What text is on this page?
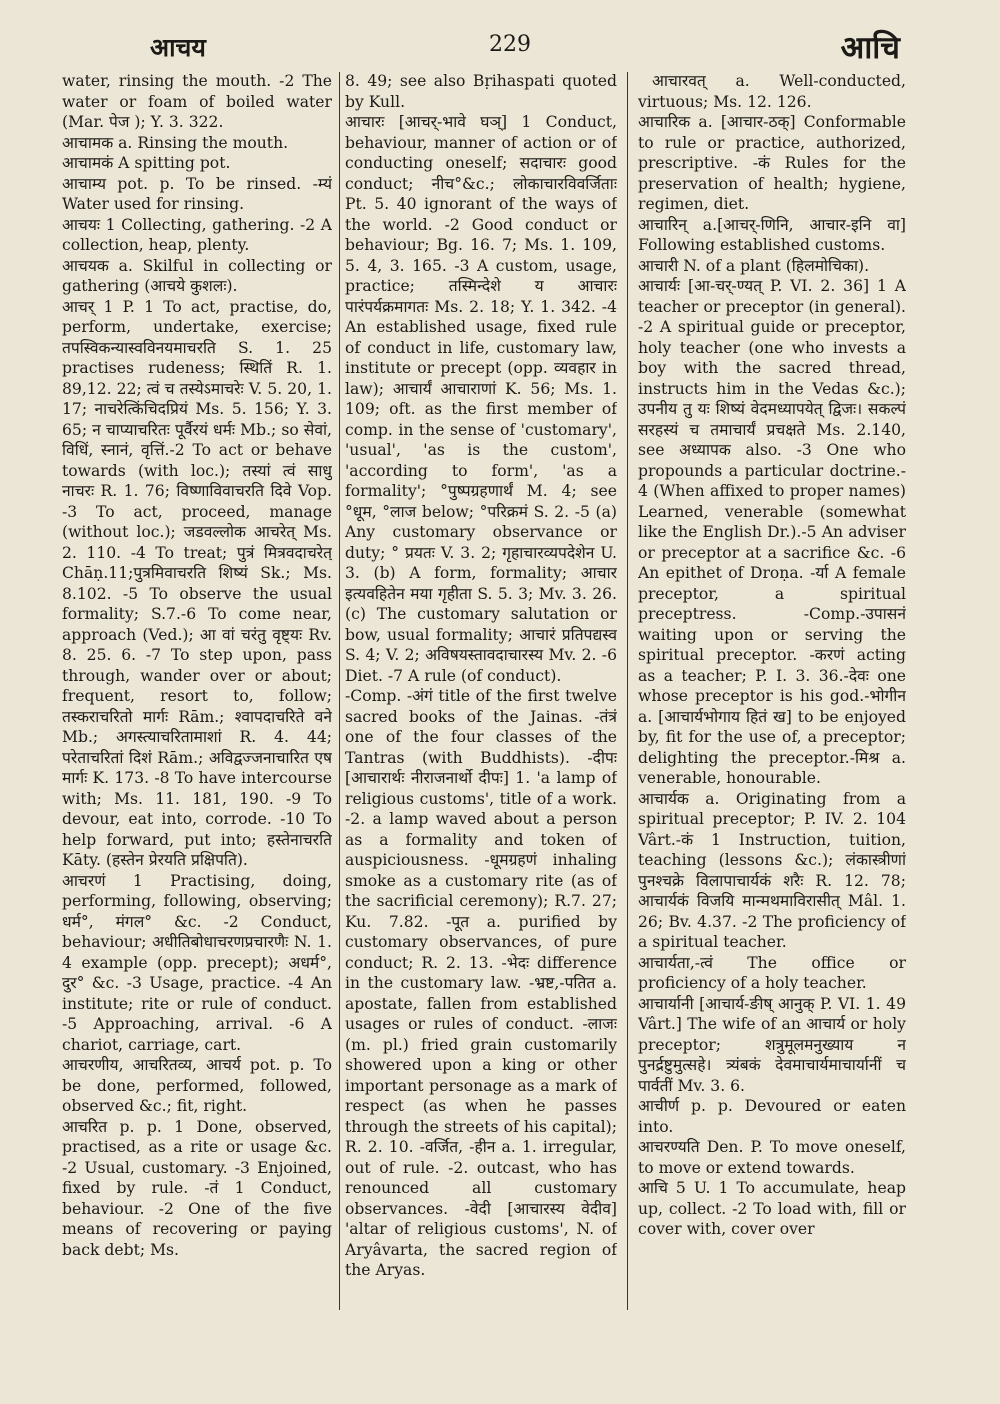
आचय	229	आचि

water, rinsing the mouth. -2 The water or foam of boiled water (Mar. पेज ); Y. 3. 322.

आचामक a. Rinsing the mouth.

आचामकं A spitting pot.

आचाम्य pot. p. To be rinsed. -म्यं Water used for rinsing.

आचयः 1 Collecting, gathering. -2 A collection, heap, plenty.

आचयक a. Skilful in collecting or gathering (आचये कुशलः).

आचर् 1 P. 1 To act, practise, do, perform, undertake, exercise; तपस्विकन्यास्वविनयमाचरति S. 1. 25 practises rudeness; स्थितिं R. 1. 89,12. 22; त्वं च तस्येऽमाचरेः V. 5. 20, 1. 17; नाचरेत्किंचिदप्रियं Ms. 5. 156; Y. 3. 65; न चाप्याचरितः पूर्वैरयं धर्मः Mb.; so सेवां, विधिं, स्नानं, वृत्तिं.-2 To act or behave towards (with loc.); तस्यां त्वं साधु नाचरः R. 1. 76; विष्णाविवाचरति दिवे Vop. -3 To act, proceed, manage (without loc.); जडवल्लोक आचरेत् Ms. 2. 110. -4 To treat; पुत्रं मित्रवदाचरेत् Chāṇ.11;पुत्रमिवाचरति शिष्यं Sk.; Ms. 8.102. -5 To observe the usual formality; S.7.-6 To come near, approach (Ved.); आ वां चरंतु वृष्ट्यः Rv. 8. 25. 6. -7 To step upon, pass through, wander over or about; frequent, resort to, follow; तस्कराचरितो मार्गः Rām.; श्वापदाचरिते वने Mb.; अगस्त्याचरितामाशां R. 4. 44; परेताचरितां दिशं Rām.; अविद्वज्जनाचारित एष मार्गः K. 173. -8 To have intercourse with; Ms. 11. 181, 190. -9 To devour, eat into, corrode. -10 To help forward, put into; हस्तेनाचरति Kāty. (हस्तेन प्रेरयति प्रक्षिपति).

आचरणं 1 Practising, doing, performing, following, observing; धर्म°, मंगल° &c. -2 Conduct, behaviour; अधीतिबोधाचरणप्रचारणैः N. 1. 4 example (opp. precept); अधर्म°, दुर° &c. -3 Usage, practice. -4 An institute; rite or rule of conduct. -5 Approaching, arrival. -6 A chariot, carriage, cart.

आचरणीय, आचरितव्य, आचर्य pot. p. To be done, performed, followed, observed &c.; fit, right.

आचरित p. p. 1 Done, observed, practised, as a rite or usage &c. -2 Usual, customary. -3 Enjoined, fixed by rule. -तं 1 Conduct, behaviour. -2 One of the five means of recovering or paying back debt; Ms.

8. 49; see also Bṛihaspati quoted by Kull.

आचारः [आचर्-भावे घञ्] 1 Conduct, behaviour, manner of action or of conducting oneself; सदाचारः good conduct; नीच°&c.; लोकाचारविवर्जिताः Pt. 5. 40 ignorant of the ways of the world. -2 Good conduct or behaviour; Bg. 16. 7; Ms. 1. 109, 5. 4, 3. 165. -3 A custom, usage, practice; तस्मिन्देशे य आचारः पारंपर्यक्रमागतः Ms. 2. 18; Y. 1. 342. -4 An established usage, fixed rule of conduct in life, customary law, institute or precept (opp. व्यवहार in law); आचार्यं आचाराणां K. 56; Ms. 1. 109; oft. as the first member of comp. in the sense of 'customary', 'usual', 'as is the custom', 'according to form', 'as a formality'; °पुष्पग्रहणार्थं M. 4; see °धूम, °लाज below; °परिक्रमं S. 2. -5 (a) Any customary observance or duty; ° प्रयतः V. 3. 2; गृहाचारव्यपदेशेन U. 3. (b) A form, formality; आचार इत्यवहितेन मया गृहीता S. 5. 3; Mv. 3. 26. (c) The customary salutation or bow, usual formality; आचारं प्रतिपद्यस्व S. 4; V. 2; अविषयस्तावदाचारस्य Mv. 2. -6 Diet. -7 A rule (of conduct).

-Comp. -अंगं title of the first twelve sacred books of the Jainas. -तंत्रं one of the four classes of the Tantras (with Buddhists). -दीपः [आचारार्थः नीराजनार्थो दीपः] 1. 'a lamp of religious customs', title of a work. -2. a lamp waved about a person as a formality and token of auspiciousness. -धूमग्रहणं inhaling smoke as a customary rite (as of the sacrificial ceremony); R.7. 27; Ku. 7.82. -पूत a. purified by customary observances, of pure conduct; R. 2. 13. -भेदः difference in the customary law. -भ्रष्ट,-पतित a. apostate, fallen from established usages or rules of conduct. -लाजः (m. pl.) fried grain customarily showered upon a king or other important personage as a mark of respect (as when he passes through the streets of his capital); R. 2. 10. -वर्जित, -हीन a. 1. irregular, out of rule. -2. outcast, who has renounced all customary observances. -वेदी [आचारस्य वेदीव] 'altar of religious customs', N. of Aryâvarta, the sacred region of the Aryas.

आचारवत् a. Well-conducted, virtuous; Ms. 12. 126.

आचारिक a. [आचार-ठक्] Conformable to rule or practice, authorized, prescriptive. -कं Rules for the preservation of health; hygiene, regimen, diet.

आचारिन् a.[आचर्-णिनि, आचार-इनि वा] Following established customs.

आचारी N. of a plant (हिलमोचिका).

आचार्यः [आ-चर्-ण्यत् P. VI. 2. 36] 1 A teacher or preceptor (in general). -2 A spiritual guide or preceptor, holy teacher (one who invests a boy with the sacred thread, instructs him in the Vedas &c.); उपनीय तु यः शिष्यं वेदमध्यापयेत् द्विजः। सकल्पं सरहस्यं च तमाचार्यं प्रचक्षते Ms. 2.140, see अध्यापक also. -3 One who propounds a particular doctrine.- 4 (When affixed to proper names) Learned, venerable (somewhat like the English Dr.).-5 An adviser or preceptor at a sacrifice &c. -6 An epithet of Droṇa. -र्या A female preceptor, a spiritual preceptress. -Comp.-उपासनं waiting upon or serving the spiritual preceptor. -करणं acting as a teacher; P. I. 3. 36.-देवः one whose preceptor is his god.-भोगीन a. [आचार्यभोगाय हितं ख] to be enjoyed by, fit for the use of, a preceptor; delighting the preceptor.-मिश्र a. venerable, honourable.

आचार्यक a. Originating from a spiritual preceptor; P. IV. 2. 104 Vârt.-कं 1 Instruction, tuition, teaching (lessons &c.); लंकास्त्रीणां पुनश्चक्रे विलापाचार्यकं शरैः R. 12. 78; आचार्यकं विजयि मान्मथमाविरासीत् Mâl. 1. 26; Bv. 4.37. -2 The proficiency of a spiritual teacher.

आचार्यता,-त्वं The office or proficiency of a holy teacher.

आचार्यानी [आचार्य-ङीष् आनुक् P. VI. 1. 49 Vârt.] The wife of an आचार्य or holy preceptor; शत्रुमूलमनुख्याय न पुनर्द्रष्टुमुत्सहे। त्र्यंबकं देवमाचार्यमाचार्यानीं च पार्वतीं Mv. 3. 6.

आचीर्ण p. p. Devoured or eaten into.

आचरण्यति Den. P. To move oneself, to move or extend towards.

आचि 5 U. 1 To accumulate, heap up, collect. -2 To load with, fill or cover with, cover over
